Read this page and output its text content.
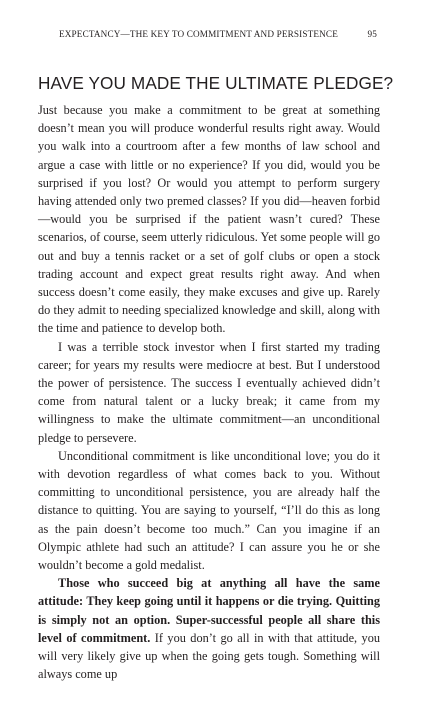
EXPECTANCY—THE KEY TO COMMITMENT AND PERSISTENCE	95
HAVE YOU MADE THE ULTIMATE PLEDGE?

Just because you make a commitment to be great at something doesn’t mean you will produce wonderful results right away. Would you walk into a courtroom after a few months of law school and argue a case with little or no experience? If you did, would you be surprised if you lost? Or would you attempt to perform surgery having attended only two premed classes? If you did—heaven forbid—would you be surprised if the patient wasn’t cured? These scenarios, of course, seem utterly ridiculous. Yet some people will go out and buy a tennis racket or a set of golf clubs or open a stock trading account and expect great results right away. And when success doesn’t come easily, they make excuses and give up. Rarely do they admit to needing specialized knowledge and skill, along with the time and patience to develop both.

I was a terrible stock investor when I first started my trading career; for years my results were mediocre at best. But I understood the power of persistence. The success I eventually achieved didn’t come from natural talent or a lucky break; it came from my willingness to make the ultimate commitment—an unconditional pledge to persevere.

Unconditional commitment is like unconditional love; you do it with devotion regardless of what comes back to you. Without committing to unconditional persistence, you are already half the distance to quitting. You are saying to yourself, “I’ll do this as long as the pain doesn’t become too much.” Can you imagine if an Olympic athlete had such an attitude? I can assure you he or she wouldn’t become a gold medalist.

Those who succeed big at anything all have the same attitude: They keep going until it happens or die trying. Quitting is simply not an option. Super-successful people all share this level of commitment. If you don’t go all in with that attitude, you will very likely give up when the going gets tough. Something will always come up
